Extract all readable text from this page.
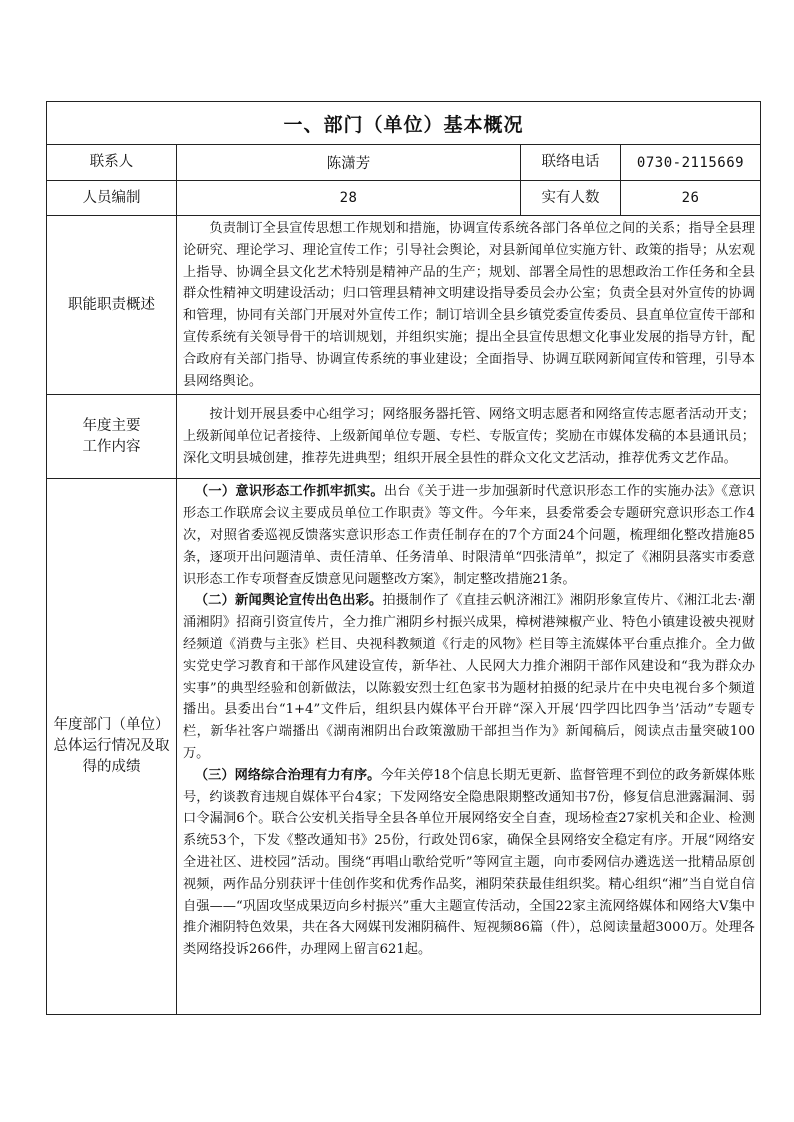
一、部门（单位）基本概况			
联系人	陈潇芳	联络电话	0730-2115669
人员编制	28	实有人数	26
职能职责概述	负责制订全县宣传思想工作规划和措施，协调宣传系统各部门各单位之间的关系；指导全县理论研究、理论学习、理论宣传工作；引导社会舆论，对县新闻单位实施方针、政策的指导；从宏观上指导、协调全县文化艺术特别是精神产品的生产；规划、部署全局性的思想政治工作任务和全县群众性精神文明建设活动；归口管理县精神文明建设指导委员会办公室；负责全县对外宣传的协调和管理，协同有关部门开展对外宣传工作；制订培训全县乡镇党委宣传委员、县直单位宣传干部和宣传系统有关领导骨干的培训规划，并组织实施；提出全县宣传思想文化事业发展的指导方针，配合政府有关部门指导、协调宣传系统的事业建设；全面指导、协调互联网新闻宣传和管理，引导本县网络舆论。		

年度主要
工作内容	按计划开展县委中心组学习；网络服务器托管、网络文明志愿者和网络宣传志愿者活动开支；上级新闻单位记者接待、上级新闻单位专题、专栏、专版宣传；奖励在市媒体发稿的本县通讯员；深化文明县城创建，推荐先进典型；组织开展全县性的群众文化文艺活动，推荐优秀文艺作品。		

年度部门（单位）总体运行情况及取得的成绩	（一）意识形态工作抓牢抓实。出台《关于进一步加强新时代意识形态工作的实施办法》《意识形态工作联席会议主要成员单位工作职责》等文件。今年来，县委常委会专题研究意识形态工作4次，对照省委巡视反馈落实意识形态工作责任制存在的7个方面24个问题，梳理细化整改措施85条，逐项开出问题清单、责任清单、任务清单、时限清单“四张清单”，拟定了《湘阴县落实市委意识形态工作专项督查反馈意见问题整改方案》，制定整改措施21条。

（二）新闻舆论宣传出色出彩。拍摄制作了《直挂云帆济湘江》湘阴形象宣传片、《湘江北去·潮涌湘阴》招商引资宣传片，全力推广湘阴乡村振兴成果，樟树港辣椒产业、特色小镇建设被央视财经频道《消费与主张》栏目、央视科教频道《行走的风物》栏目等主流媒体平台重点推介。全力做实党史学习教育和干部作风建设宣传，新华社、人民网大力推介湘阴干部作风建设和“我为群众办实事”的典型经验和创新做法，以陈毅安烈士红色家书为题材拍摄的纪录片在中央电视台多个频道播出。县委出台“1+4”文件后，组织县内媒体平台开辟“深入开展‘四学四比四争当’活动”专题专栏，新华社客户端播出《湖南湘阴出台政策激励干部担当作为》新闻稿后，阅读点击量突破100万。

（三）网络综合治理有力有序。今年关停18个信息长期无更新、监督管理不到位的政务新媒体账号，约谈教育违规自媒体平台4家；下发网络安全隐患限期整改通知书7份，修复信息泄露漏洞、弱口令漏洞6个。联合公安机关指导全县各单位开展网络安全自查，现场检查27家机关和企业、检测系统53个，下发《整改通知书》25份，行政处罚6家，确保全县网络安全稳定有序。开展“网络安全进社区、进校园”活动。围绕“再唱山歌给党听”等网宣主题，向市委网信办遴选送一批精品原创视频，两作品分别获评十佳创作奖和优秀作品奖，湘阴荣获最佳组织奖。精心组织“湘”当自觉自信自强——“巩固攻坚成果迈向乡村振兴”重大主题宣传活动，全国22家主流网络媒体和网络大V集中推介湘阴特色效果，共在各大网媒刊发湘阴稿件、短视频86篇（件），总阅读量超3000万。处理各类网络投诉266件，办理网上留言621起。		
